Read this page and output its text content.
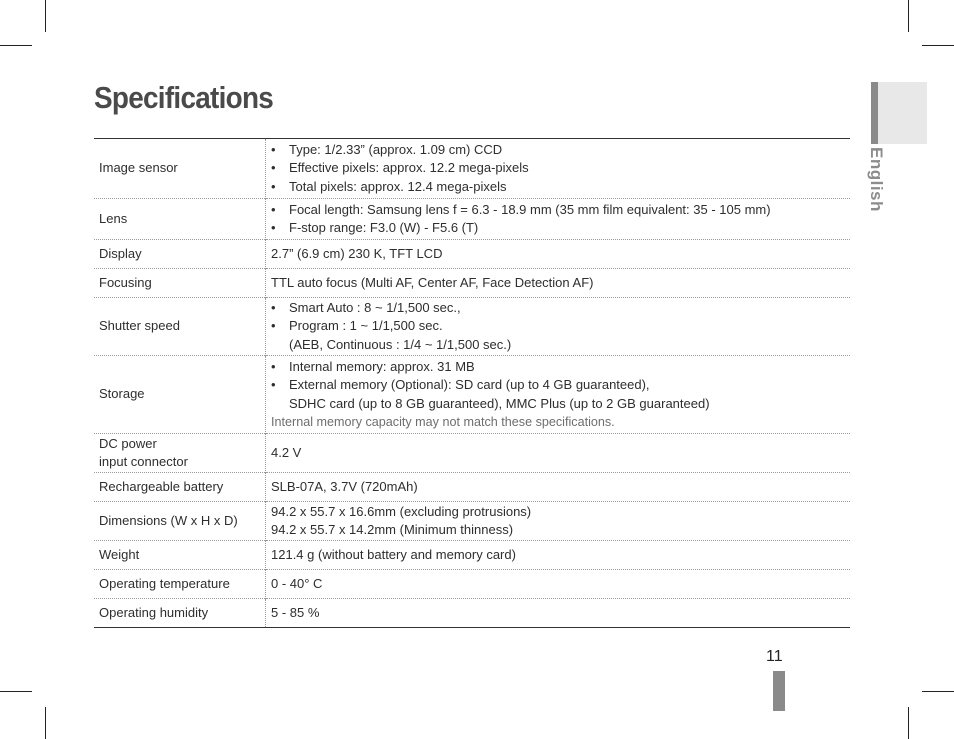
Specifications
English
Image sensor	• Type: 1/2.33” (approx. 1.09 cm) CCD
• Effective pixels: approx. 12.2 mega-pixels
• Total pixels: approx. 12.4 mega-pixels

Lens	• Focal length: Samsung lens f = 6.3 - 18.9 mm (35 mm film equivalent: 35 - 105 mm)
• F-stop range: F3.0 (W) - F5.6 (T)

Display	2.7” (6.9 cm) 230 K, TFT LCD
Focusing	TTL auto focus (Multi AF, Center AF, Face Detection AF)
Shutter speed	• Smart Auto : 8 ~ 1/1,500 sec.,
• Program : 1 ~ 1/1,500 sec.
(AEB, Continuous : 1/4 ~ 1/1,500 sec.)

Storage	• Internal memory: approx. 31 MB
• External memory (Optional): SD card (up to 4 GB guaranteed),
SDHC card (up to 8 GB guaranteed), MMC Plus (up to 2 GB guaranteed)
Internal memory capacity may not match these specifications.

DC power
input connector	4.2 V
Rechargeable battery	SLB-07A, 3.7V (720mAh)
Dimensions (W x H x D)	94.2 x 55.7 x 16.6mm (excluding protrusions)
94.2 x 55.7 x 14.2mm (Minimum thinness)

Weight	121.4 g (without battery and memory card)
Operating temperature	0 - 40° C
Operating humidity	5 - 85 %
11
